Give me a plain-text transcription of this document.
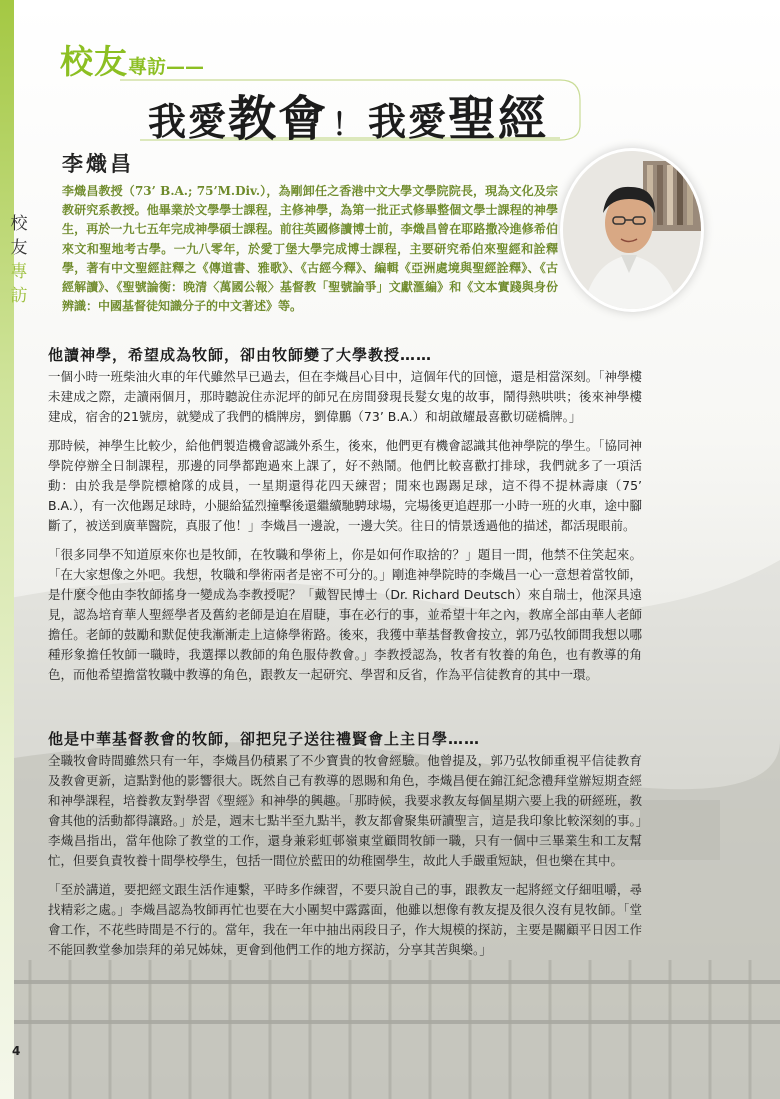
校
友
專
訪
校友專訪——
我愛教會 ！ 我愛聖經
李熾昌
李熾昌教授（73’ B.A.; 75’M.Div.），為剛卸任之香港中文大學文學院院長，現為文化及宗教研究系教授。他畢業於文學學士課程，主修神學，為第一批正式修畢整個文學士課程的神學生，再於一九七五年完成神學碩士課程。前往英國修讀博士前，李熾昌曾在耶路撒冷進修希伯來文和聖地考古學。一九八零年，於愛丁堡大學完成博士課程，主要研究希伯來聖經和詮釋學，著有中文聖經註釋之《傳道書、雅歌》、《古經今釋》、編輯《亞洲處境與聖經詮釋》、《古經解讀》、《聖號論衡：晚清〈萬國公報〉基督教「聖號論爭」文獻滙編》和《文本實踐與身份辨識：中國基督徒知識分子的中文著述》等。
他讀神學，希望成為牧師，卻由牧師變了大學教授……

一個小時一班柴油火車的年代雖然早已過去，但在李熾昌心目中，這個年代的回憶，還是相當深刻。「神學樓未建成之際，走讀兩個月，那時聽說住赤泥坪的師兄在房間發現長髮女鬼的故事，鬧得熱哄哄；後來神學樓建成，宿舍的21號房，就變成了我們的橋牌房，劉偉鵬（73’ B.A.）和胡啟耀最喜歡切磋橋牌。」

那時候，神學生比較少，給他們製造機會認識外系生，後來，他們更有機會認識其他神學院的學生。「協同神學院停辦全日制課程，那邊的同學都跑過來上課了，好不熱鬧。他們比較喜歡打排球，我們就多了一項活動：由於我是學院標槍隊的成員，一星期還得花四天練習；閒來也踢踢足球，這不得不提林壽康（75’ B.A.），有一次他踢足球時，小腿給猛烈撞擊後還繼續馳騁球場，完場後更追趕那一小時一班的火車，途中腳斷了，被送到廣華醫院，真服了他！」李熾昌一邊說，一邊大笑。往日的情景透過他的描述，都活現眼前。

「很多同學不知道原來你也是牧師，在牧職和學術上，你是如何作取捨的？」題目一問，他禁不住笑起來。「在大家想像之外吧。我想，牧職和學術兩者是密不可分的。」剛進神學院時的李熾昌一心一意想着當牧師，是什麼令他由李牧師搖身一變成為李教授呢？「戴智民博士（Dr. Richard Deutsch）來自瑞士，他深具遠見，認為培育華人聖經學者及舊約老師是迫在眉睫，事在必行的事，並希望十年之內，教席全部由華人老師擔任。老師的鼓勵和默促使我漸漸走上這條學術路。後來，我獲中華基督教會按立，郭乃弘牧師問我想以哪種形象擔任牧師一職時，我選擇以教師的角色服侍教會。」李教授認為，牧者有牧養的角色，也有教導的角色，而他希望擔當牧職中教導的角色，跟教友一起研究、學習和反省，作為平信徒教育的其中一環。

他是中華基督教會的牧師，卻把兒子送往禮賢會上主日學……

全職牧會時間雖然只有一年，李熾昌仍積累了不少寶貴的牧會經驗。他曾提及，郭乃弘牧師重視平信徒教育及教會更新，這點對他的影響很大。既然自己有教導的恩賜和角色，李熾昌便在錦江紀念禮拜堂辦短期查經和神學課程，培養教友對學習《聖經》和神學的興趣。「那時候，我要求教友每個星期六要上我的研經班，教會其他的活動都得讓路。」於是，週末七點半至九點半，教友都會聚集研讀聖言，這是我印象比較深刻的事。」李熾昌指出，當年他除了教堂的工作，還身兼彩虹邨嶺東堂顧問牧師一職，只有一個中三畢業生和工友幫忙，但要負責牧養十間學校學生，包括一間位於藍田的幼稚園學生，故此人手嚴重短缺，但也樂在其中。

「至於講道，要把經文跟生活作連繫，平時多作練習，不要只說自己的事，跟教友一起將經文仔細咀嚼，尋找精彩之處。」李熾昌認為牧師再忙也要在大小團契中露露面，他雖以想像有教友提及很久沒有見牧師。「堂會工作，不花些時間是不行的。當年，我在一年中抽出兩段日子，作大規模的探訪，主要是關顧平日因工作不能回教堂參加崇拜的弟兄姊妹，更會到他們工作的地方探訪，分享其苦與樂。」

4
